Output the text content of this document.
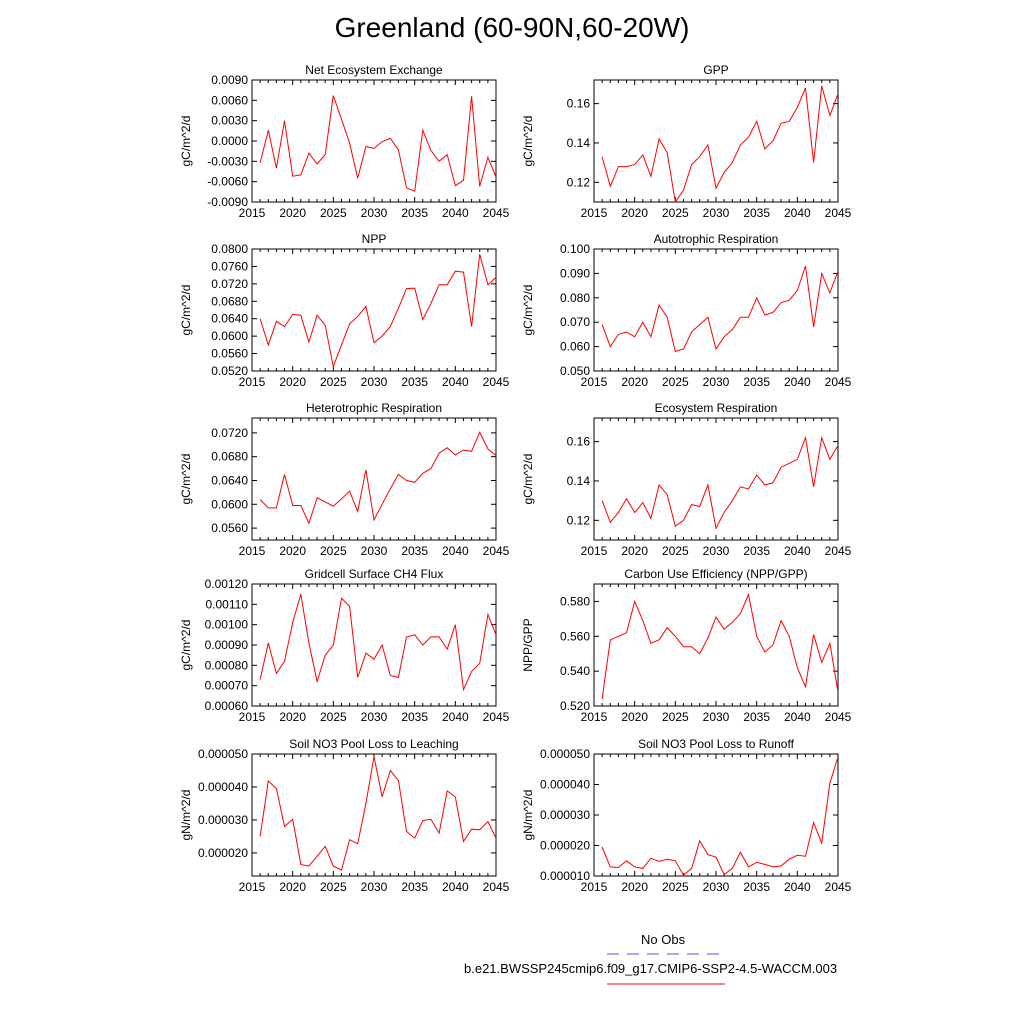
Greenland (60-90N,60-20W)
2015 2020 2025 2030 2035 2040 2045
-0.0090
-0.0060
-0.0030
0.0000
0.0030
0.0060
0.0090
Net Ecosystem Exchange
gC/m^2/d
2015 2020 2025 2030 2035 2040 2045
0.12
0.14
0.16
GPP
gC/m^2/d
2015 2020 2025 2030 2035 2040 2045
0.0520
0.0560
0.0600
0.0640
0.0680
0.0720
0.0760
0.0800
NPP
gC/m^2/d
2015 2020 2025 2030 2035 2040 2045
0.050
0.060
0.070
0.080
0.090
0.100
Autotrophic Respiration
gC/m^2/d
2015 2020 2025 2030 2035 2040 2045
0.0560
0.0600
0.0640
0.0680
0.0720
Heterotrophic Respiration
gC/m^2/d
2015 2020 2025 2030 2035 2040 2045
0.12
0.14
0.16
Ecosystem Respiration
gC/m^2/d
2015 2020 2025 2030 2035 2040 2045
0.00060
0.00070
0.00080
0.00090
0.00100
0.00110
0.00120
Gridcell Surface CH4 Flux
gC/m^2/d
2015 2020 2025 2030 2035 2040 2045
0.520
0.540
0.560
0.580
Carbon Use Efficiency (NPP/GPP)
NPP/GPP
2015 2020 2025 2030 2035 2040 2045
0.000020
0.000030
0.000040
0.000050
Soil NO3 Pool Loss to Leaching
gN/m^2/d
2015 2020 2025 2030 2035 2040 2045
0.000010
0.000020
0.000030
0.000040
0.000050
Soil NO3 Pool Loss to Runoff
gN/m^2/d
No Obs
b.e21.BWSSP245cmip6.f09_g17.CMIP6-SSP2-4.5-WACCM.003
